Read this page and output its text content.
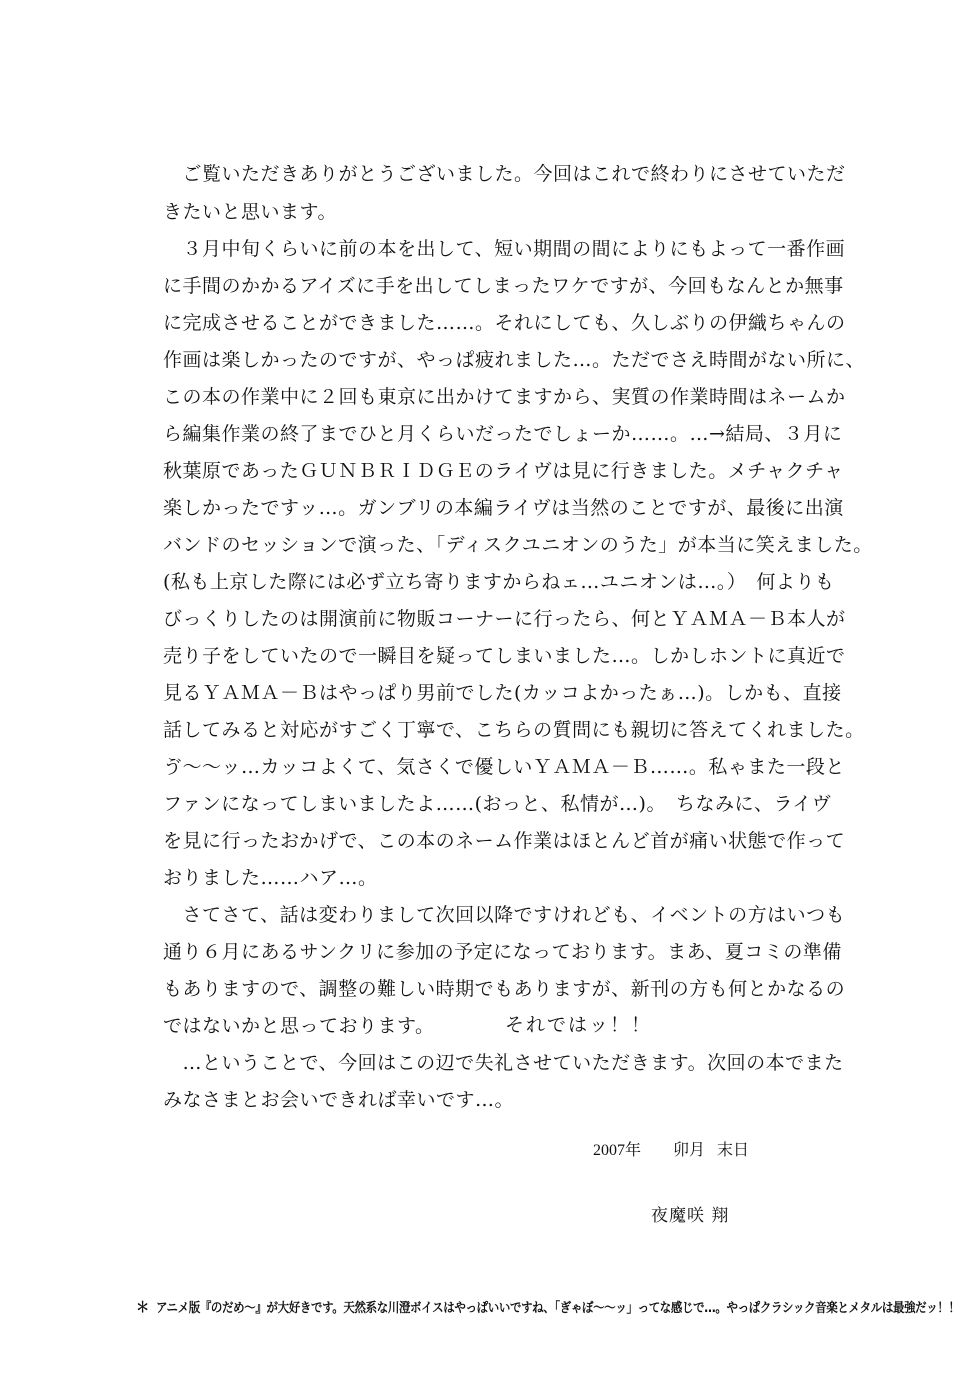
　ご覧いただきありがとうございました。今回はこれで終わりにさせていただ
きたいと思います。
　３月中旬くらいに前の本を出して、短い期間の間によりにもよって一番作画
に手間のかかるアイズに手を出してしまったワケですが、今回もなんとか無事
に完成させることができました……。それにしても、久しぶりの伊織ちゃんの
作画は楽しかったのですが、やっぱ疲れました…。ただでさえ時間がない所に、
この本の作業中に２回も東京に出かけてますから、実質の作業時間はネームか
ら編集作業の終了までひと月くらいだったでしょーか……。…→結局、３月に
秋葉原であったＧＵＮＢＲＩＤＧＥのライヴは見に行きました。メチャクチャ
楽しかったですッ…。ガンブリの本編ライヴは当然のことですが、最後に出演
バンドのセッションで演った、「ディスクユニオンのうた」が本当に笑えました。
(私も上京した際には必ず立ち寄りますからねェ…ユニオンは…。）　何よりも
びっくりしたのは開演前に物販コーナーに行ったら、何とＹＡＭＡ－Ｂ本人が
売り子をしていたので一瞬目を疑ってしまいました…。しかしホントに真近で
見るＹＡＭＡ－Ｂはやっぱり男前でした(カッコよかったぁ…)。しかも、直接
話してみると対応がすごく丁寧で、こちらの質問にも親切に答えてくれました。
ゔ～～ッ…カッコよくて、気さくで優しいＹＡＭＡ－Ｂ……。私ゃまた一段と
ファンになってしまいましたよ……(おっと、私情が…)。　ちなみに、ライヴ
を見に行ったおかげで、この本のネーム作業はほとんど首が痛い状態で作って
おりました……ハア…。
　さてさて、話は変わりまして次回以降ですけれども、イベントの方はいつも
通り６月にあるサンクリに参加の予定になっております。まあ、夏コミの準備
もありますので、調整の難しい時期でもありますが、新刊の方も何とかなるの
ではないかと思っております。
　…ということで、今回はこの辺で失礼させていただきます。次回の本でまた
みなさまとお会いできれば幸いです…。
それではッ！！
2007年 卯月 末日
夜魔咲 翔
＊ アニメ版『のだめ～』が大好きです。天然系な川澄ボイスはやっぱいいですね、「ぎゃぼ～～ッ」ってな感じで…。やっぱクラシック音楽とメタルは最強だッ！！
